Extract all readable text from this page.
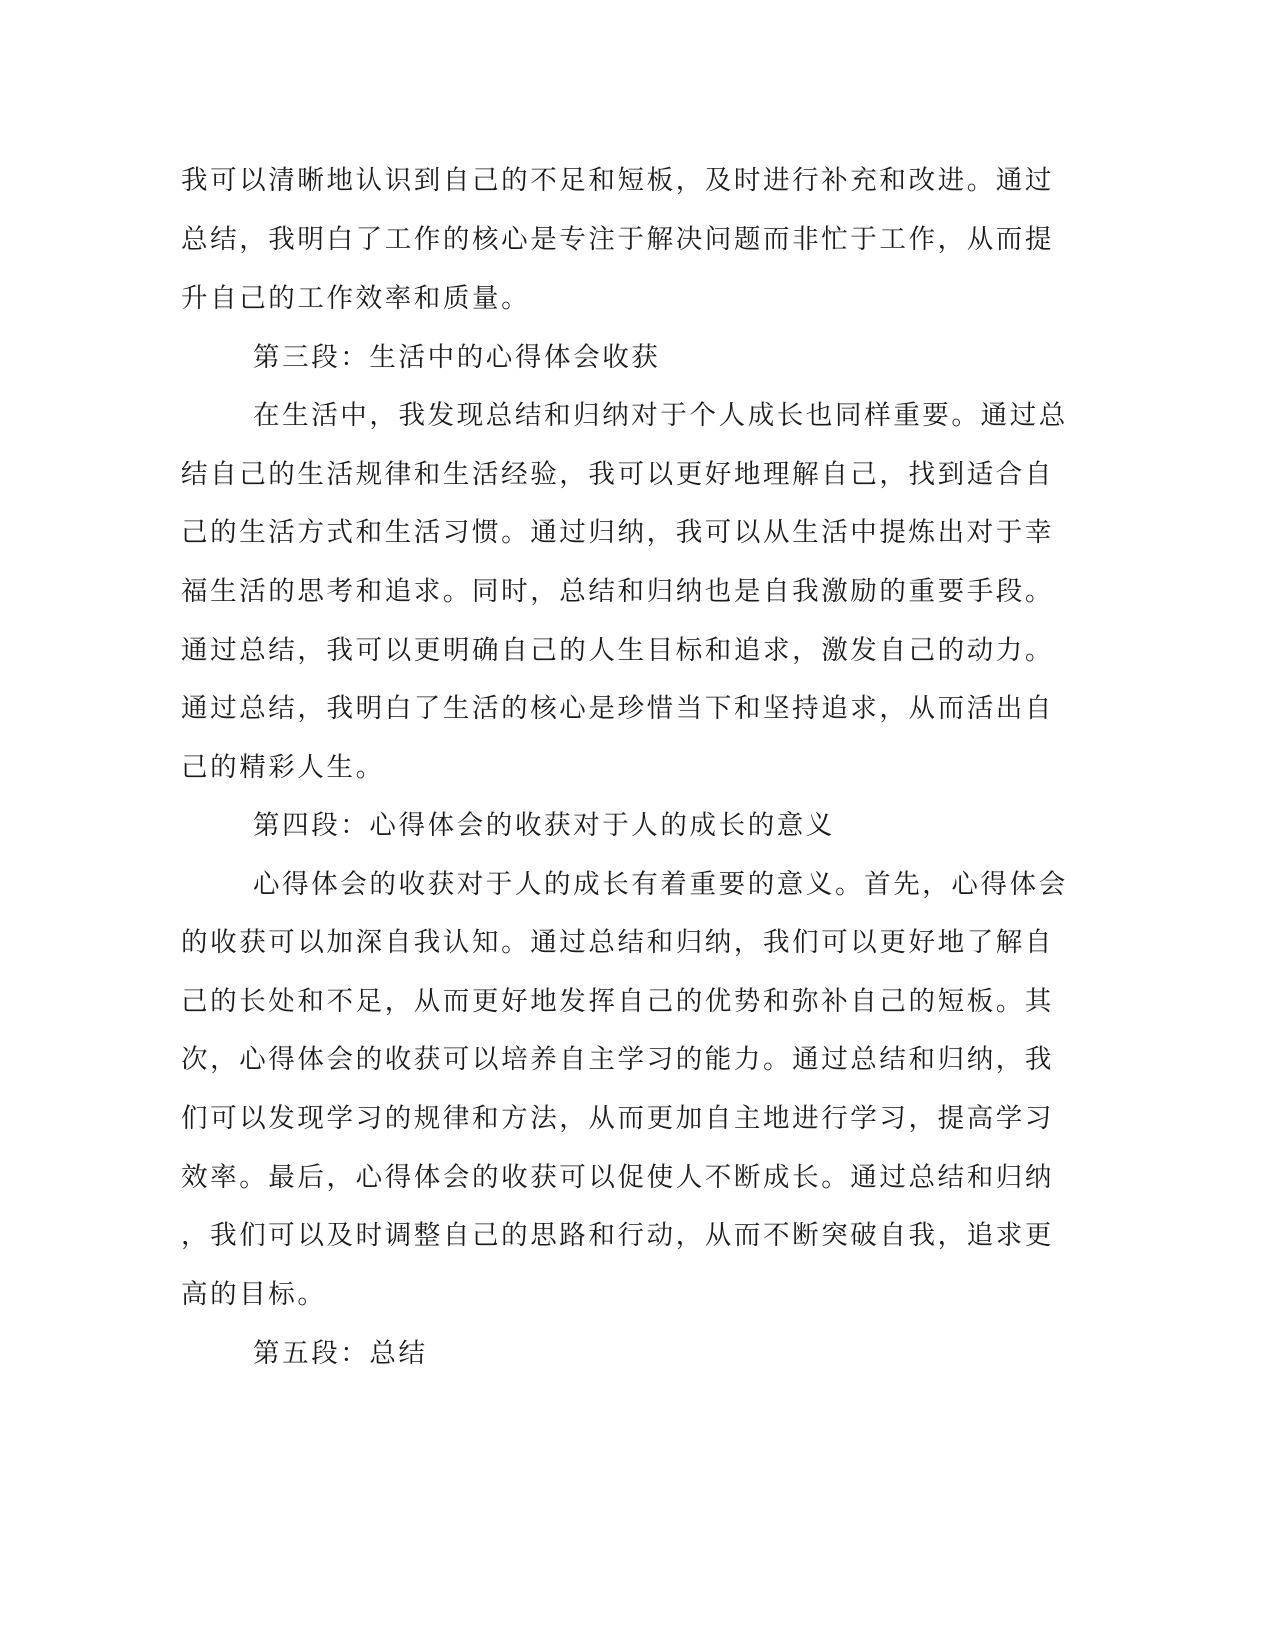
我可以清晰地认识到自己的不足和短板，及时进行补充和改进。通过
总结，我明白了工作的核心是专注于解决问题而非忙于工作，从而提
升自己的工作效率和质量。
第三段：生活中的心得体会收获
在生活中，我发现总结和归纳对于个人成长也同样重要。通过总
结自己的生活规律和生活经验，我可以更好地理解自己，找到适合自
己的生活方式和生活习惯。通过归纳，我可以从生活中提炼出对于幸
福生活的思考和追求。同时，总结和归纳也是自我激励的重要手段。
通过总结，我可以更明确自己的人生目标和追求，激发自己的动力。
通过总结，我明白了生活的核心是珍惜当下和坚持追求，从而活出自
己的精彩人生。
第四段：心得体会的收获对于人的成长的意义
心得体会的收获对于人的成长有着重要的意义。首先，心得体会
的收获可以加深自我认知。通过总结和归纳，我们可以更好地了解自
己的长处和不足，从而更好地发挥自己的优势和弥补自己的短板。其
次，心得体会的收获可以培养自主学习的能力。通过总结和归纳，我
们可以发现学习的规律和方法，从而更加自主地进行学习，提高学习
效率。最后，心得体会的收获可以促使人不断成长。通过总结和归纳
，我们可以及时调整自己的思路和行动，从而不断突破自我，追求更
高的目标。
第五段：总结
